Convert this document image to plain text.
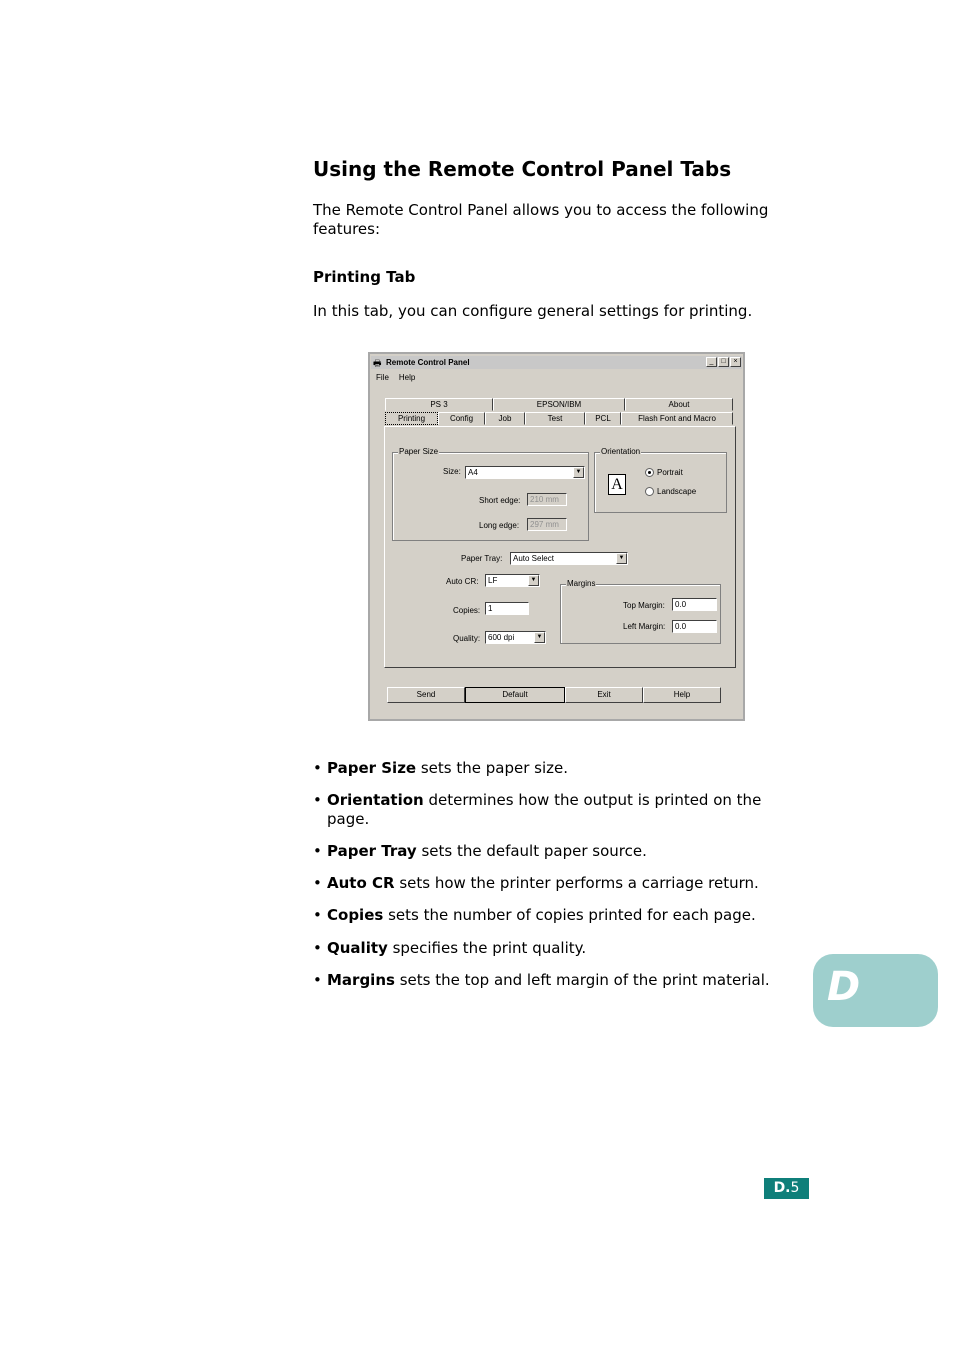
Using the Remote Control Panel Tabs

The Remote Control Panel allows you to access the following features:

Printing Tab

In this tab, you can configure general settings for printing.

🖶 Remote Control Panel	_	□	×
File Help
PS 3	EPSON/IBM	About
Printing	Config	Job	Test	PCL	Flash Font and Macro
Paper Size
Size: A4	▼
Short edge:	210 mm
Long edge:	297 mm
Orientation
A
Portrait
Landscape
Paper Tray:	Auto Select	▼
Auto CR:	LF	▼
Copies: 1
Quality: 600 dpi	▼
Margins
Top Margin:	0.0
Left Margin:	0.0
Send	Default	Exit	Help
• Paper Size sets the paper size.
• Orientation determines how the output is printed on the page.
• Paper Tray sets the default paper source.
• Auto CR sets how the printer performs a carriage return.
• Copies sets the number of copies printed for each page.
• Quality specifies the print quality.
• Margins sets the top and left margin of the print material.	D
D.5
